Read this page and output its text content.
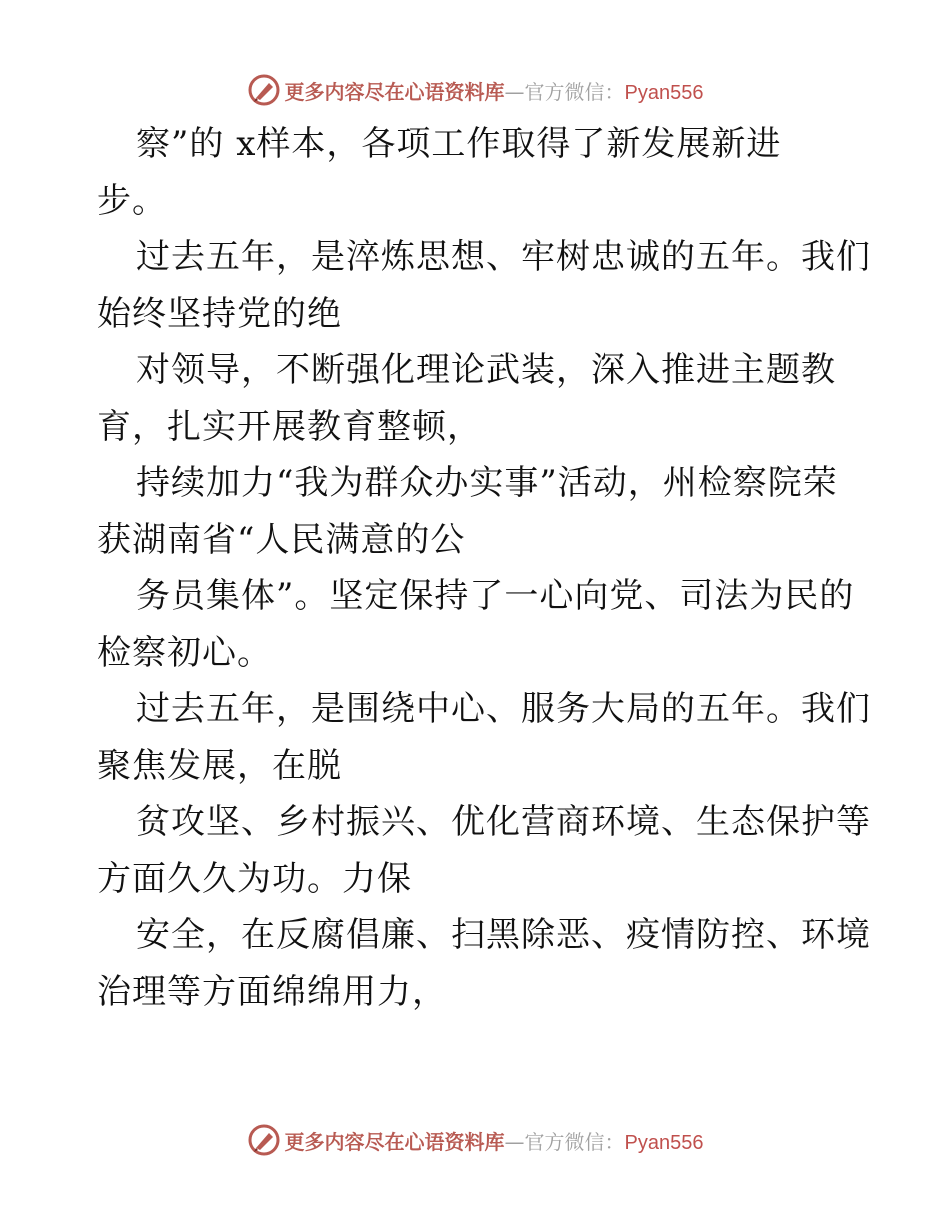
更多内容尽在心语资料库—官方微信：Pyan556
察”的 x样本，各项工作取得了新发展新进
步。
过去五年，是淬炼思想、牢树忠诚的五年。我们
始终坚持党的绝
对领导，不断强化理论武装，深入推进主题教
育，扎实开展教育整顿，
持续加力“我为群众办实事”活动，州检察院荣
获湖南省“人民满意的公
务员集体”。坚定保持了一心向党、司法为民的
检察初心。
过去五年，是围绕中心、服务大局的五年。我们
聚焦发展，在脱
贫攻坚、乡村振兴、优化营商环境、生态保护等
方面久久为功。力保
安全，在反腐倡廉、扫黑除恶、疫情防控、环境
治理等方面绵绵用力，
更多内容尽在心语资料库—官方微信：Pyan556
